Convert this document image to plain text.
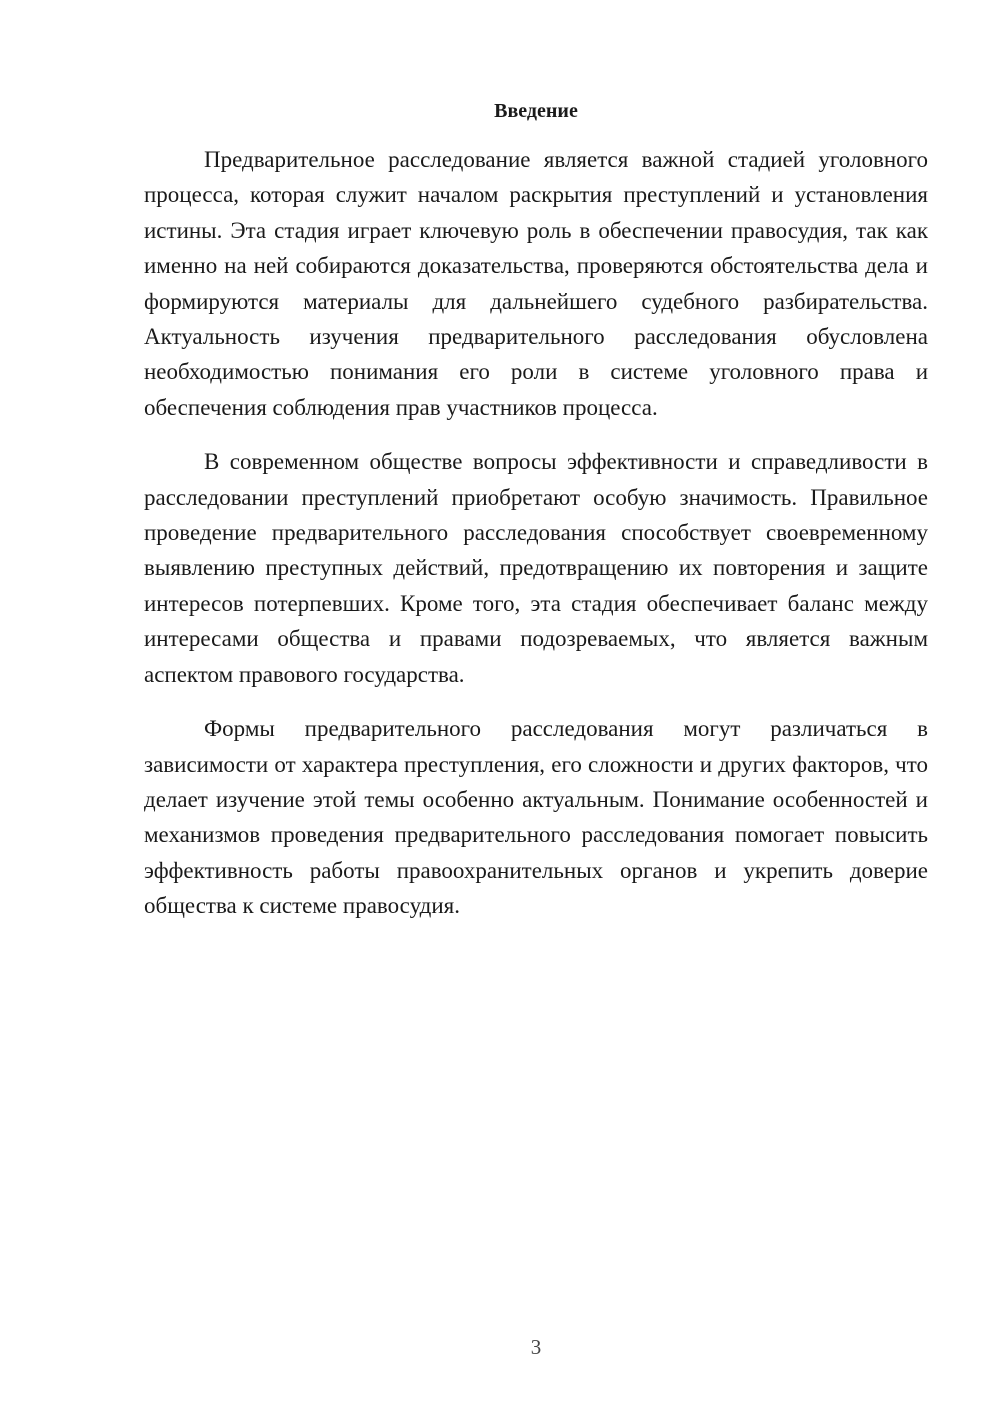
Введение

Предварительное расследование является важной стадией уголовного процесса, которая служит началом раскрытия преступлений и установления истины. Эта стадия играет ключевую роль в обеспечении правосудия, так как именно на ней собираются доказательства, проверяются обстоятельства дела и формируются материалы для дальнейшего судебного разбирательства. Актуальность изучения предварительного расследования обусловлена необходимостью понимания его роли в системе уголовного права и обеспечения соблюдения прав участников процесса.

В современном обществе вопросы эффективности и справедливости в расследовании преступлений приобретают особую значимость. Правильное проведение предварительного расследования способствует своевременному выявлению преступных действий, предотвращению их повторения и защите интересов потерпевших. Кроме того, эта стадия обеспечивает баланс между интересами общества и правами подозреваемых, что является важным аспектом правового государства.

Формы предварительного расследования могут различаться в зависимости от характера преступления, его сложности и других факторов, что делает изучение этой темы особенно актуальным. Понимание особенностей и механизмов проведения предварительного расследования помогает повысить эффективность работы правоохранительных органов и укрепить доверие общества к системе правосудия.

3
